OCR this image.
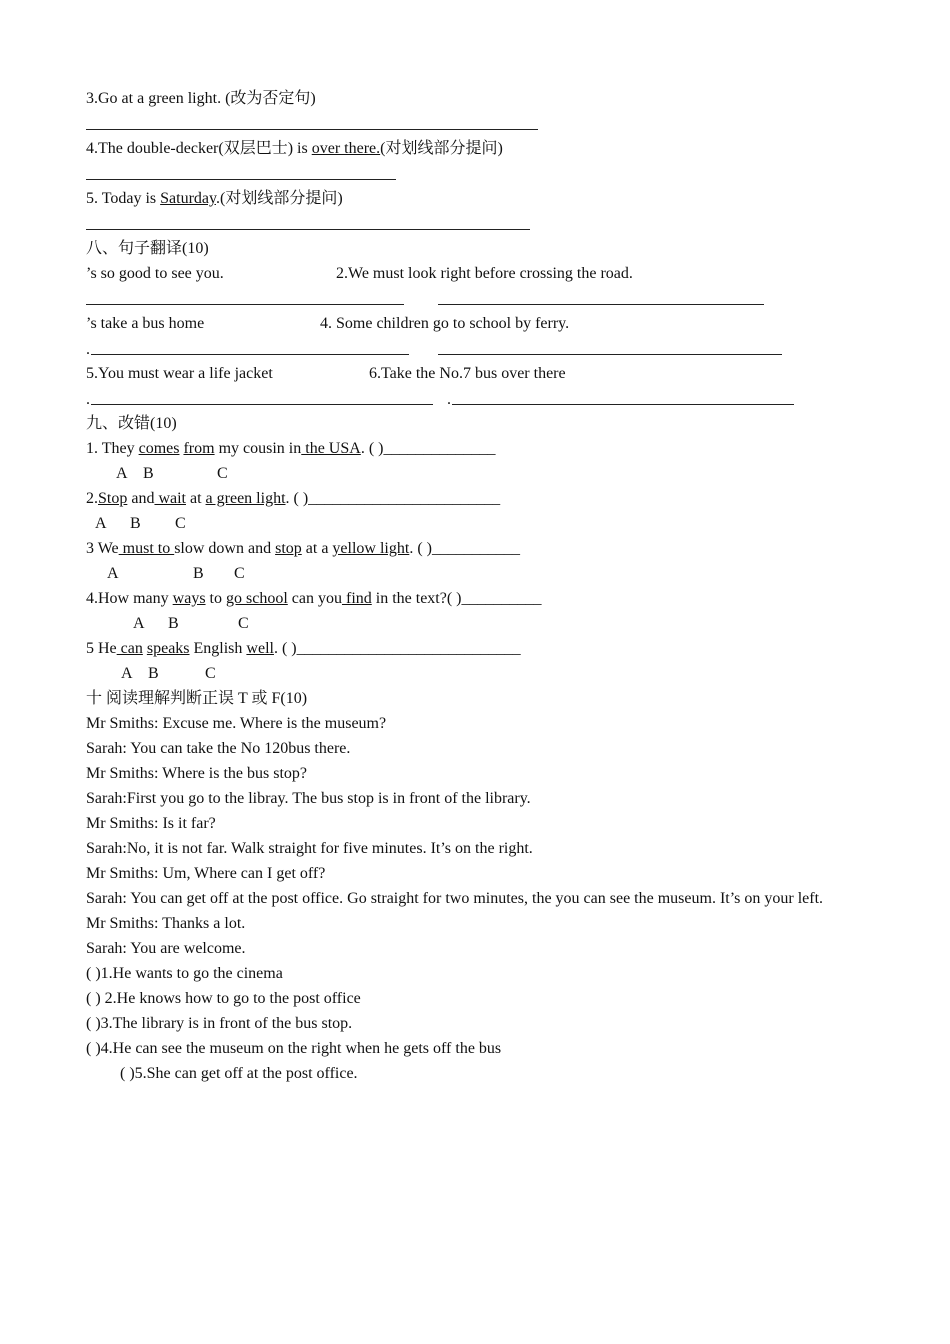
3.Go at a green light. (改为否定句)
4.The double-decker(双层巴士) is over there.(对划线部分提问)
5. Today is Saturday.(对划线部分提问)
八、句子翻译(10)
’s so good to see you.	2.We must look right before crossing the road.
’s take a bus home	4. Some children go to school by ferry.
.
5.You must wear a life jacket	6.Take the No.7 bus over there
.	.
九、改错(10)
1. They comes from my cousin in the USA. ( )______________
A B	C
2.Stop and wait at a green light. ( )________________________
A B C
3 We must to slow down and stop at a yellow light. ( )___________
A	B C
4.How many ways to go school can you find in the text?( )__________
A B	C
5 He can speaks English well. ( )____________________________
A B	C
十 阅读理解判断正误 T 或 F(10)
Mr Smiths: Excuse me. Where is the museum?
Sarah: You can take the No 120bus there.
Mr Smiths: Where is the bus stop?
Sarah:First you go to the libray. The bus stop is in front of the library.
Mr Smiths: Is it far?
Sarah:No, it is not far. Walk straight for five minutes. It’s on the right.
Mr Smiths: Um, Where can I get off?
Sarah: You can get off at the post office. Go straight for two minutes, the you can see the museum. It’s on your left.
Mr Smiths: Thanks a lot.
Sarah: You are welcome.
( )1.He wants to go the cinema
( ) 2.He knows how to go to the post office
( )3.The library is in front of the bus stop.
( )4.He can see the museum on the right when he gets off the bus
( )5.She can get off at the post office.
